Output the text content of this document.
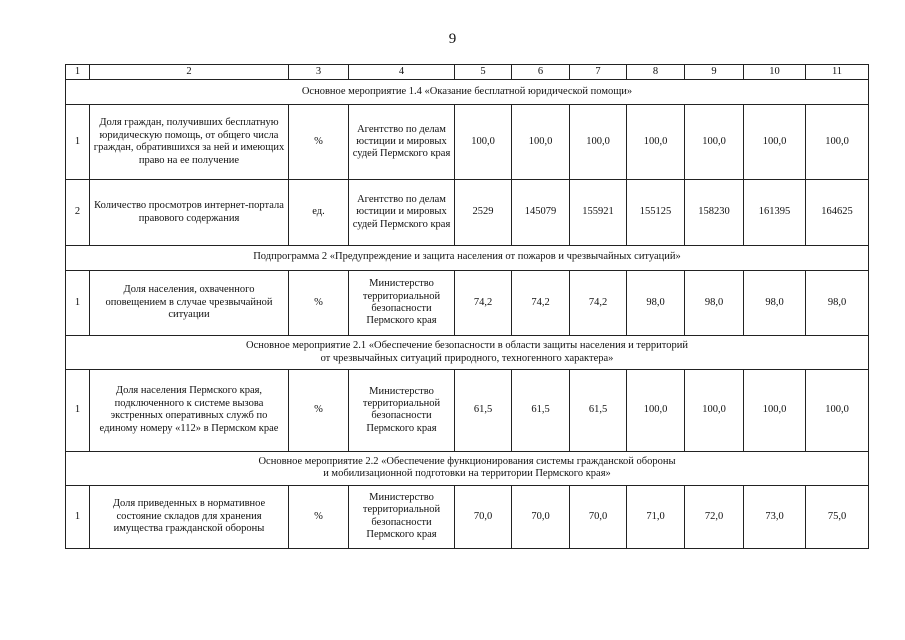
9
1	2	3	4	5	6	7	8	9	10	11
Основное мероприятие 1.4 «Оказание бесплатной юридической помощи»										
1	Доля граждан, получивших бесплатную юридическую помощь, от общего числа граждан, обратившихся за ней и имеющих право на ее получение	%	Агентство по делам юстиции и мировых судей Пермского края	100,0	100,0	100,0	100,0	100,0	100,0	100,0
2	Количество просмотров интернет-портала правового содержания	ед.	Агентство по делам юстиции и мировых судей Пермского края	2529	145079	155921	155125	158230	161395	164625
Подпрограмма 2 «Предупреждение и защита населения от пожаров и чрезвычайных ситуаций»										
1	Доля населения, охваченного оповещением в случае чрезвычайной ситуации	%	Министерство территориальной безопасности Пермского края	74,2	74,2	74,2	98,0	98,0	98,0	98,0
Основное мероприятие 2.1 «Обеспечение безопасности в области защиты населения и территорий
от чрезвычайных ситуаций природного, техногенного характера»										
1	Доля населения Пермского края, подключенного к системе вызова экстренных оперативных служб по единому номеру «112» в Пермском крае	%	Министерство территориальной безопасности Пермского края	61,5	61,5	61,5	100,0	100,0	100,0	100,0
Основное мероприятие 2.2 «Обеспечение функционирования системы гражданской обороны
и мобилизационной подготовки на территории Пермского края»										
1	Доля приведенных в нормативное состояние складов для хранения имущества гражданской обороны	%	Министерство территориальной безопасности Пермского края	70,0	70,0	70,0	71,0	72,0	73,0	75,0
